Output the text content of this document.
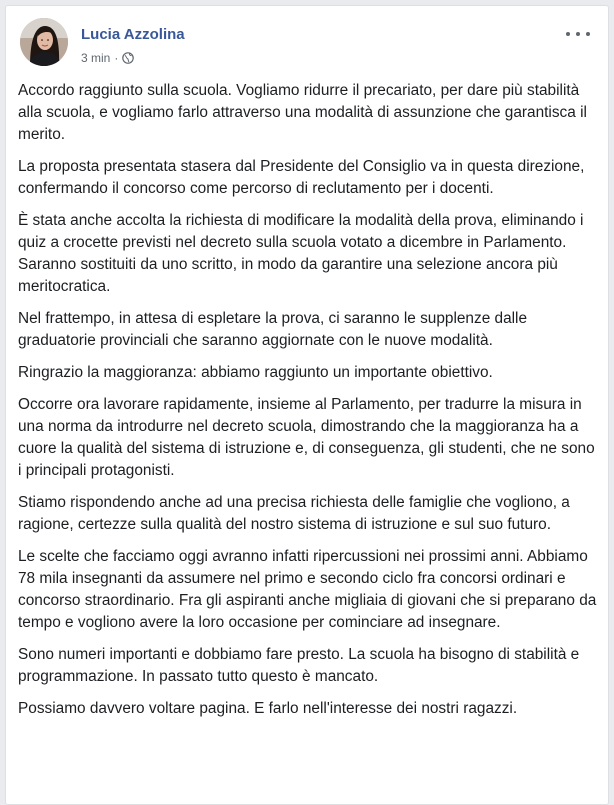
Lucia Azzolina
3 min ·

Accordo raggiunto sulla scuola. Vogliamo ridurre il precariato, per dare più stabilità alla scuola, e vogliamo farlo attraverso una modalità di assunzione che garantisca il merito.

La proposta presentata stasera dal Presidente del Consiglio va in questa direzione, confermando il concorso come percorso di reclutamento per i docenti.

È stata anche accolta la richiesta di modificare la modalità della prova, eliminando i quiz a crocette previsti nel decreto sulla scuola votato a dicembre in Parlamento. Saranno sostituiti da uno scritto, in modo da garantire una selezione ancora più meritocratica.

Nel frattempo, in attesa di espletare la prova, ci saranno le supplenze dalle graduatorie provinciali che saranno aggiornate con le nuove modalità.

Ringrazio la maggioranza: abbiamo raggiunto un importante obiettivo.

Occorre ora lavorare rapidamente, insieme al Parlamento, per tradurre la misura in una norma da introdurre nel decreto scuola, dimostrando che la maggioranza ha a cuore la qualità del sistema di istruzione e, di conseguenza, gli studenti, che ne sono i principali protagonisti.

Stiamo rispondendo anche ad una precisa richiesta delle famiglie che vogliono, a ragione, certezze sulla qualità del nostro sistema di istruzione e sul suo futuro.

Le scelte che facciamo oggi avranno infatti ripercussioni nei prossimi anni. Abbiamo 78 mila insegnanti da assumere nel primo e secondo ciclo fra concorsi ordinari e concorso straordinario. Fra gli aspiranti anche migliaia di giovani che si preparano da tempo e vogliono avere la loro occasione per cominciare ad insegnare.

Sono numeri importanti e dobbiamo fare presto. La scuola ha bisogno di stabilità e programmazione. In passato tutto questo è mancato.

Possiamo davvero voltare pagina. E farlo nell'interesse dei nostri ragazzi.
